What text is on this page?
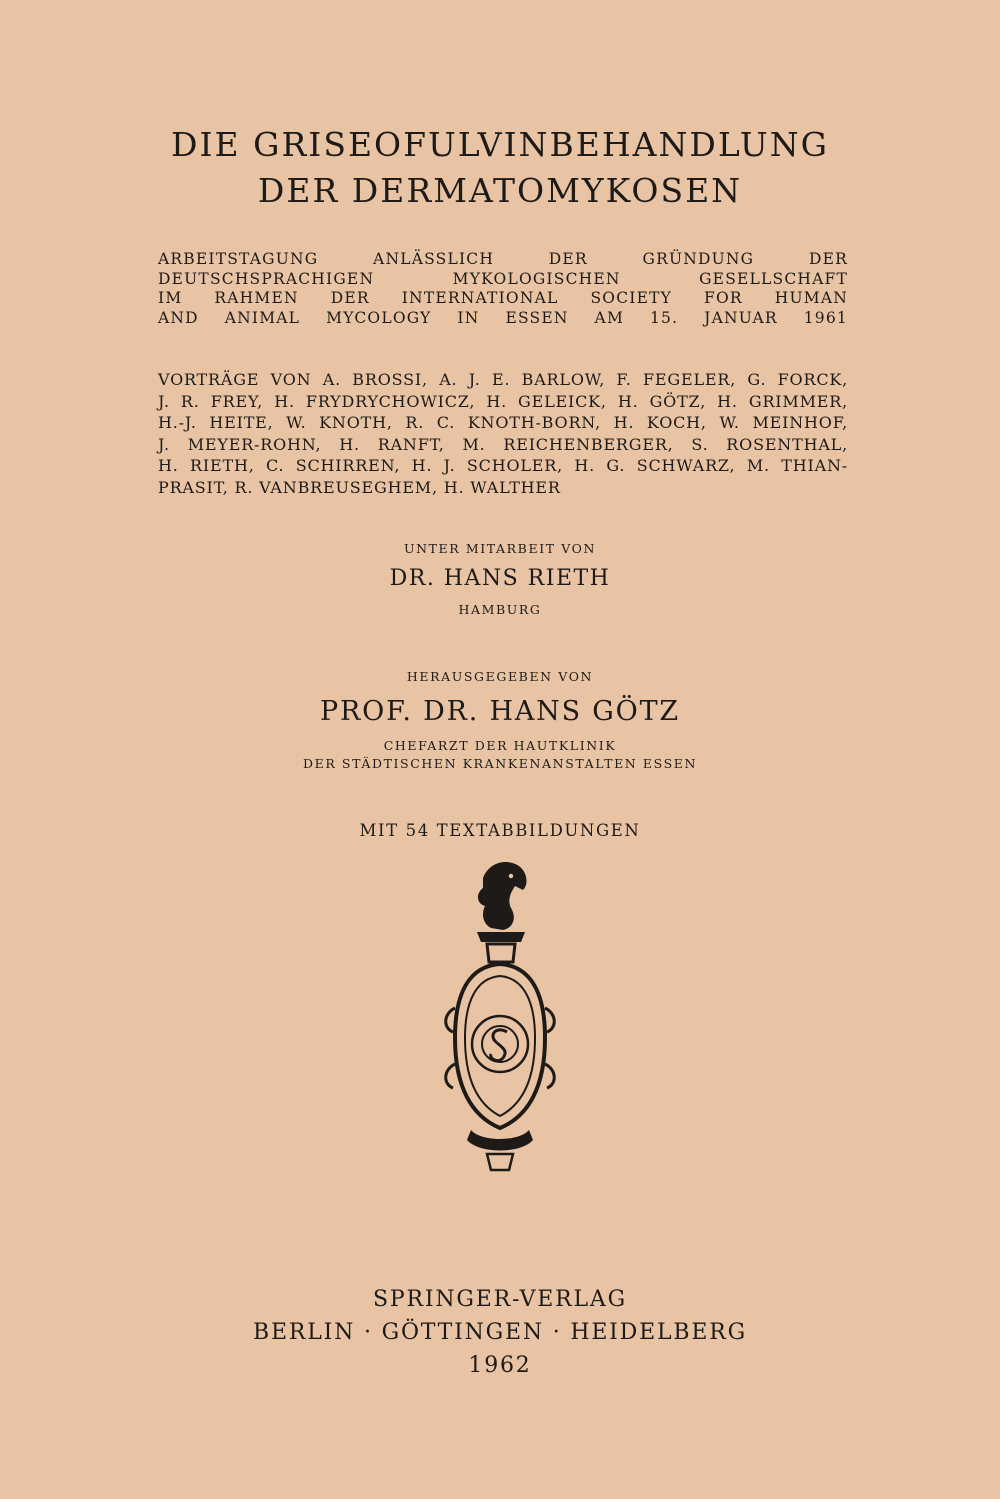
DIE GRISEOFULVINBEHANDLUNG
DER DERMATOMYKOSEN
ARBEITSTAGUNG ANLÄSSLICH DER GRÜNDUNG DER
DEUTSCHSPRACHIGEN MYKOLOGISCHEN GESELLSCHAFT
IM RAHMEN DER INTERNATIONAL SOCIETY FOR HUMAN
AND ANIMAL MYCOLOGY IN ESSEN AM 15. JANUAR 1961
VORTRÄGE VON A. BROSSI, A. J. E. BARLOW, F. FEGELER, G. FORCK,
J. R. FREY, H. FRYDRYCHOWICZ, H. GELEICK, H. GÖTZ, H. GRIMMER,
H.-J. HEITE, W. KNOTH, R. C. KNOTH-BORN, H. KOCH, W. MEINHOF,
J. MEYER-ROHN, H. RANFT, M. REICHENBERGER, S. ROSENTHAL,
H. RIETH, C. SCHIRREN, H. J. SCHOLER, H. G. SCHWARZ, M. THIAN-
PRASIT, R. VANBREUSEGHEM, H. WALTHER
UNTER MITARBEIT VON
DR. HANS RIETH
HAMBURG
HERAUSGEGEBEN VON
PROF. DR. HANS GÖTZ
CHEFARZT DER HAUTKLINIK
DER STÄDTISCHEN KRANKENANSTALTEN ESSEN
MIT 54 TEXTABBILDUNGEN
SPRINGER-VERLAG
BERLIN · GÖTTINGEN · HEIDELBERG
1962
